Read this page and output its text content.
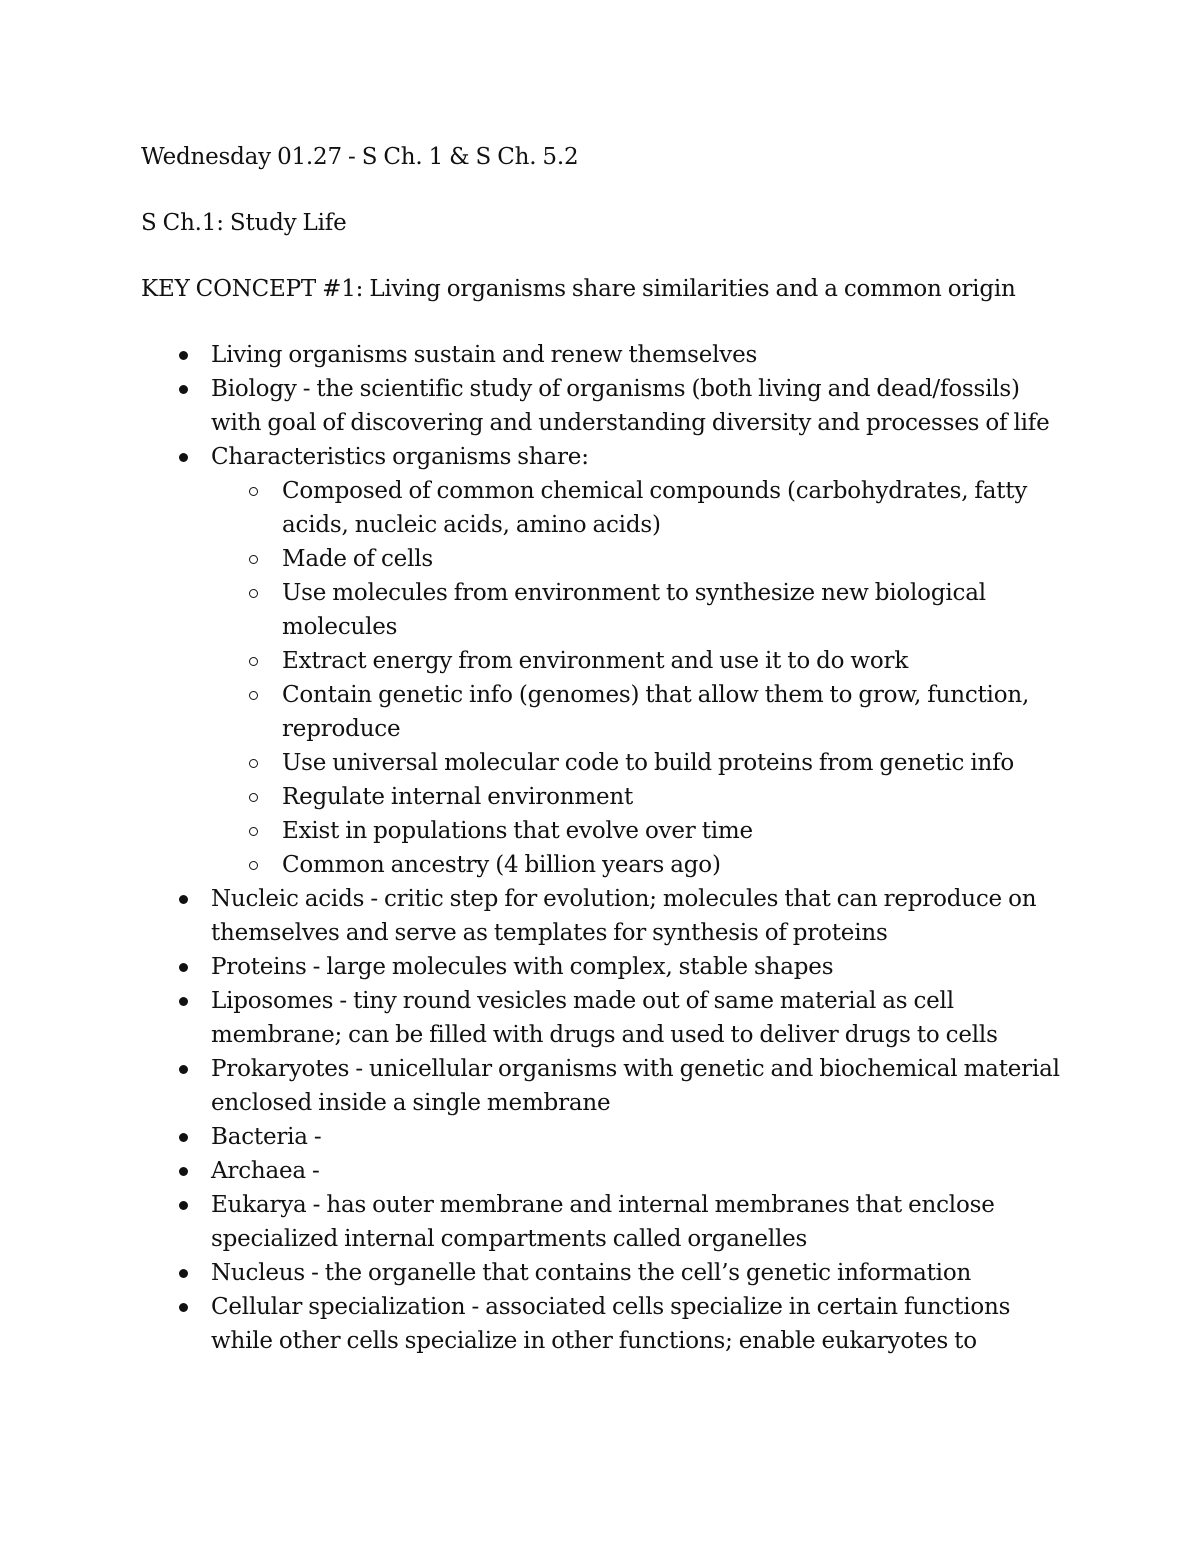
Wednesday 01.27 - S Ch. 1 & S Ch. 5.2

S Ch.1: Study Life

KEY CONCEPT #1: Living organisms share similarities and a common origin

Living organisms sustain and renew themselves
Biology - the scientific study of organisms (both living and dead/fossils)
with goal of discovering and understanding diversity and processes of life
Characteristics organisms share:
Composed of common chemical compounds (carbohydrates, fatty
acids, nucleic acids, amino acids)
Made of cells
Use molecules from environment to synthesize new biological
molecules
Extract energy from environment and use it to do work
Contain genetic info (genomes) that allow them to grow, function,
reproduce
Use universal molecular code to build proteins from genetic info
Regulate internal environment
Exist in populations that evolve over time
Common ancestry (4 billion years ago)
Nucleic acids - critic step for evolution; molecules that can reproduce on
themselves and serve as templates for synthesis of proteins
Proteins - large molecules with complex, stable shapes
Liposomes - tiny round vesicles made out of same material as cell
membrane; can be filled with drugs and used to deliver drugs to cells
Prokaryotes - unicellular organisms with genetic and biochemical material
enclosed inside a single membrane
Bacteria -
Archaea -
Eukarya - has outer membrane and internal membranes that enclose
specialized internal compartments called organelles
Nucleus - the organelle that contains the cell’s genetic information
Cellular specialization - associated cells specialize in certain functions
while other cells specialize in other functions; enable eukaryotes to
